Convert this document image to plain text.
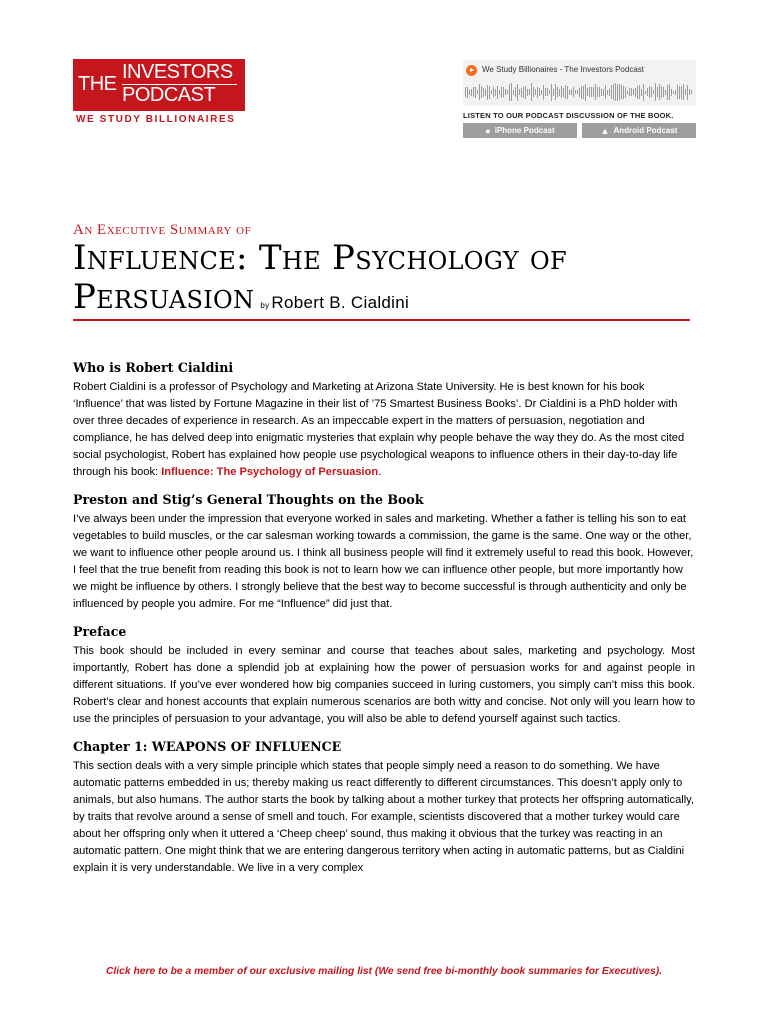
THE
INVESTORS
PODCAST
WE STUDY BILLIONAIRES
We Study Billionaires - The Investors Podcast
LISTEN TO OUR PODCAST DISCUSSION OF THE BOOK.
● iPhone Podcast	▲ Android Podcast
An Executive Summary of
Influence: The Psychology of
Persuasion by Robert B. Cialdini
Who is Robert Cialdini

Robert Cialdini is a professor of Psychology and Marketing at Arizona State University. He is best known for his book ‘Influence’ that was listed by Fortune Magazine in their list of ’75 Smartest Business Books’. Dr Cialdini is a PhD holder with over three decades of experience in research. As an impeccable expert in the matters of persuasion, negotiation and compliance, he has delved deep into enigmatic mysteries that explain why people behave the way they do. As the most cited social psychologist, Robert has explained how people use psychological weapons to influence others in their day-to-day life through his book: Influence: The Psychology of Persuasion.

Preston and Stig’s General Thoughts on the Book

I’ve always been under the impression that everyone worked in sales and marketing. Whether a father is telling his son to eat vegetables to build muscles, or the car salesman working towards a commission, the game is the same. One way or the other, we want to influence other people around us. I think all business people will find it extremely useful to read this book. However, I feel that the true benefit from reading this book is not to learn how we can influence other people, but more importantly how we might be influence by others. I strongly believe that the best way to become successful is through authenticity and only be influenced by people you admire. For me “Influence” did just that.

Preface

This book should be included in every seminar and course that teaches about sales, marketing and psychology. Most importantly, Robert has done a splendid job at explaining how the power of persuasion works for and against people in different situations. If you’ve ever wondered how big companies succeed in luring customers, you simply can’t miss this book. Robert’s clear and honest accounts that explain numerous scenarios are both witty and concise. Not only will you learn how to use the principles of persuasion to your advantage, you will also be able to defend yourself against such tactics.

Chapter 1: WEAPONS OF INFLUENCE

This section deals with a very simple principle which states that people simply need a reason to do something. We have automatic patterns embedded in us; thereby making us react differently to different circumstances. This doesn’t apply only to animals, but also humans. The author starts the book by talking about a mother turkey that protects her offspring automatically, by traits that revolve around a sense of smell and touch. For example, scientists discovered that a mother turkey would care about her offspring only when it uttered a ‘Cheep cheep’ sound, thus making it obvious that the turkey was reacting in an automatic pattern. One might think that we are entering dangerous territory when acting in automatic patterns, but as Cialdini explain it is very understandable. We live in a very complex

Click here to be a member of our exclusive mailing list (We send free bi-monthly book summaries for Executives).
